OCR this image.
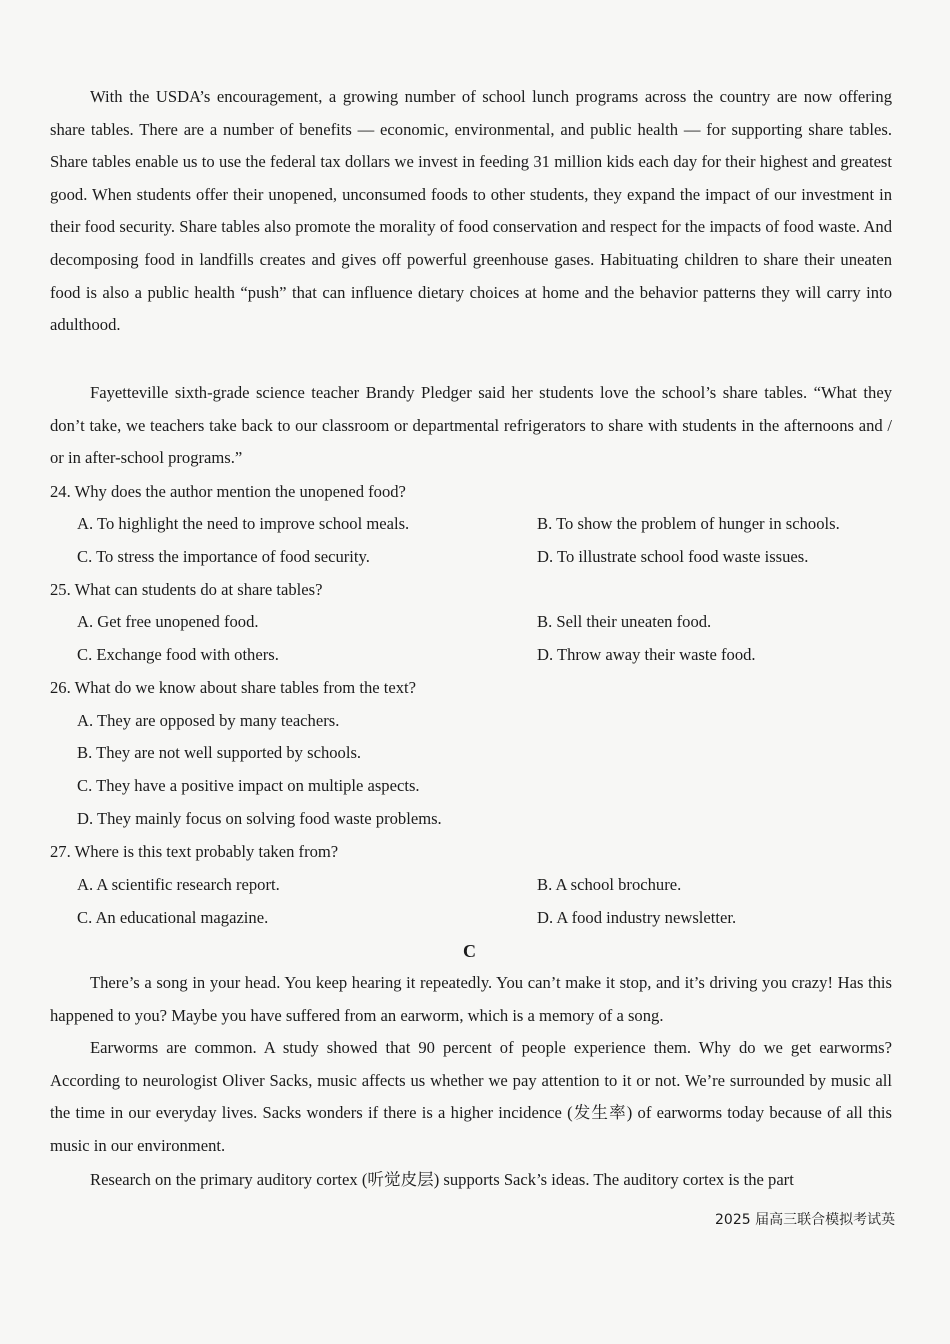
With the USDA’s encouragement, a growing number of school lunch programs across the country are now offering share tables. There are a number of benefits — economic, environmental, and public health — for supporting share tables. Share tables enable us to use the federal tax dollars we invest in feeding 31 million kids each day for their highest and greatest good. When students offer their unopened, unconsumed foods to other students, they expand the impact of our investment in their food security. Share tables also promote the morality of food conservation and respect for the impacts of food waste. And decomposing food in landfills creates and gives off powerful greenhouse gases. Habituating children to share their uneaten food is also a public health “push” that can influence dietary choices at home and the behavior patterns they will carry into adulthood.

Fayetteville sixth-grade science teacher Brandy Pledger said her students love the school’s share tables. “What they don’t take, we teachers take back to our classroom or departmental refrigerators to share with students in the afternoons and / or in after-school programs.”

24. Why does the author mention the unopened food?
A. To highlight the need to improve school meals.	B. To show the problem of hunger in schools.
C. To stress the importance of food security.	D. To illustrate school food waste issues.
25. What can students do at share tables?
A. Get free unopened food.	B. Sell their uneaten food.
C. Exchange food with others.	D. Throw away their waste food.
26. What do we know about share tables from the text?
A. They are opposed by many teachers.
B. They are not well supported by schools.
C. They have a positive impact on multiple aspects.
D. They mainly focus on solving food waste problems.
27. Where is this text probably taken from?
A. A scientific research report.	B. A school brochure.
C. An educational magazine.	D. A food industry newsletter.
C

There’s a song in your head. You keep hearing it repeatedly. You can’t make it stop, and it’s driving you crazy! Has this happened to you? Maybe you have suffered from an earworm, which is a memory of a song.

Earworms are common. A study showed that 90 percent of people experience them. Why do we get earworms? According to neurologist Oliver Sacks, music affects us whether we pay attention to it or not. We’re surrounded by music all the time in our everyday lives. Sacks wonders if there is a higher incidence (发生率) of earworms today because of all this music in our environment.

Research on the primary auditory cortex (听觉皮层) supports Sack’s ideas. The auditory cortex is the part

2025 届高三联合模拟考试英
